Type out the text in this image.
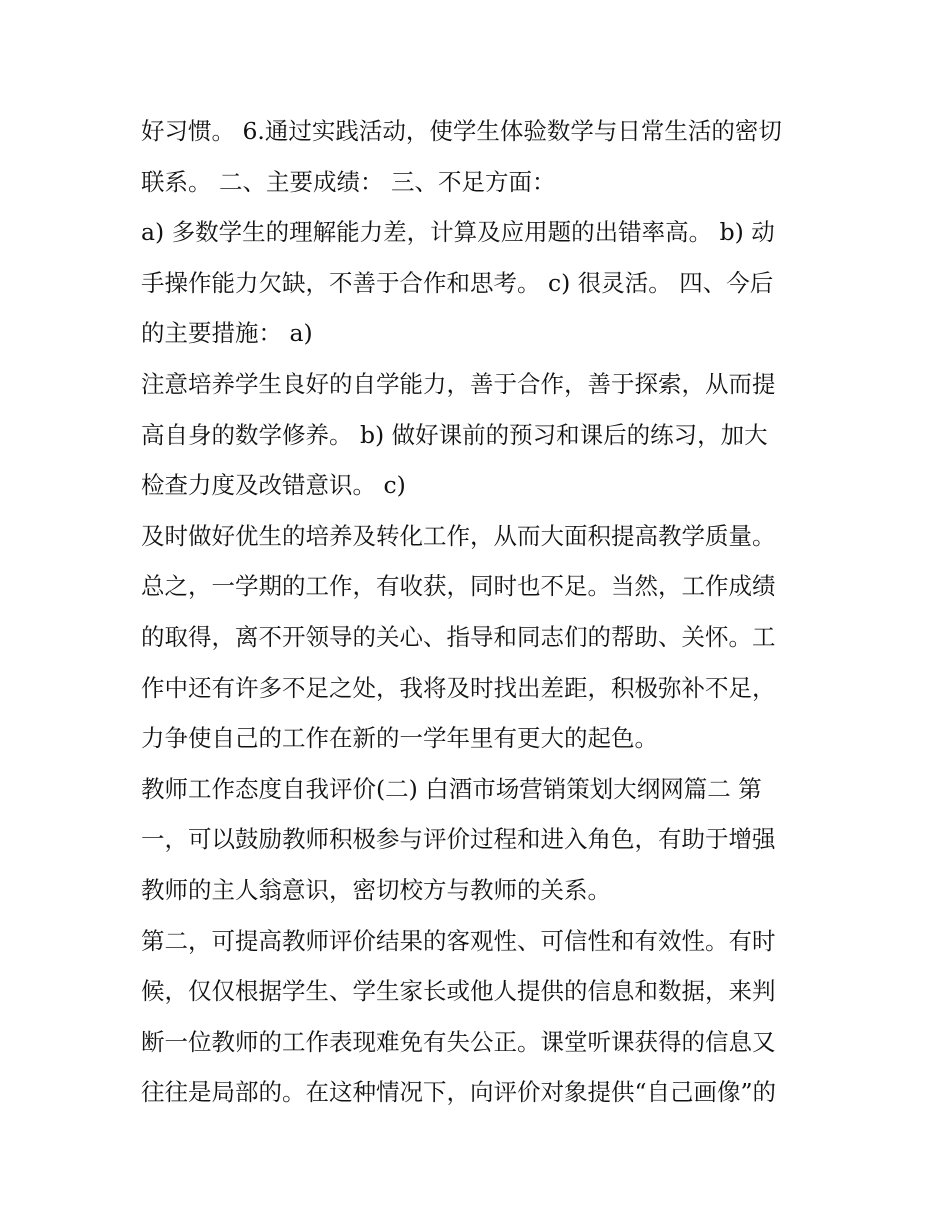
好习惯。 6.通过实践活动，使学生体验数学与日常生活的密切
联系。 二、主要成绩： 三、不足方面：
a) 多数学生的理解能力差，计算及应用题的出错率高。 b) 动
手操作能力欠缺，不善于合作和思考。 c) 很灵活。 四、今后
的主要措施： a)
注意培养学生良好的自学能力，善于合作，善于探索，从而提
高自身的数学修养。 b) 做好课前的预习和课后的练习，加大
检查力度及改错意识。 c)
及时做好优生的培养及转化工作，从而大面积提高教学质量。
总之，一学期的工作，有收获，同时也不足。当然，工作成绩
的取得，离不开领导的关心、指导和同志们的帮助、关怀。工
作中还有许多不足之处，我将及时找出差距，积极弥补不足，
力争使自己的工作在新的一学年里有更大的起色。
教师工作态度自我评价(二) 白酒市场营销策划大纲网篇二 第
一，可以鼓励教师积极参与评价过程和进入角色，有助于增强
教师的主人翁意识，密切校方与教师的关系。
第二，可提高教师评价结果的客观性、可信性和有效性。有时
候，仅仅根据学生、学生家长或他人提供的信息和数据，来判
断一位教师的工作表现难免有失公正。课堂听课获得的信息又
往往是局部的。在这种情况下，向评价对象提供“自己画像”的
